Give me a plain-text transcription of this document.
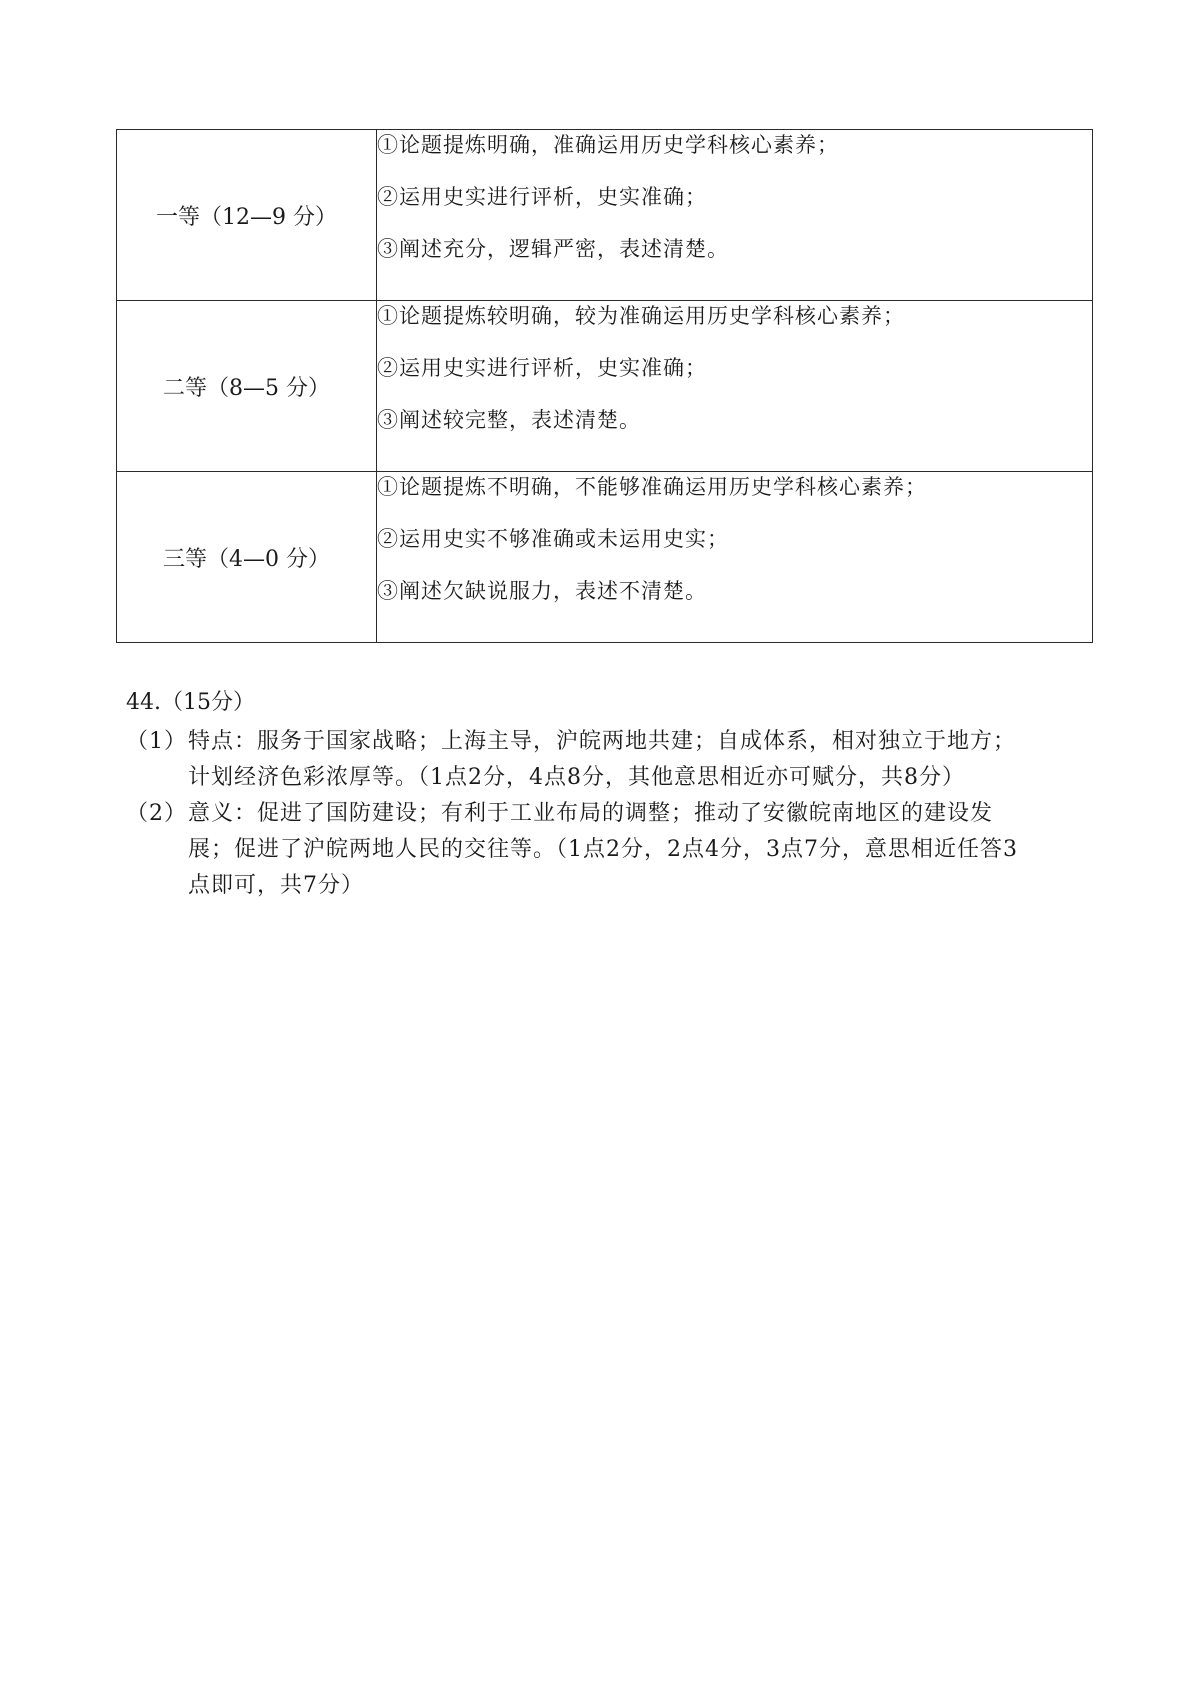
一等（12—9 分）	①论题提炼明确，准确运用历史学科核心素养；
②运用史实进行评析，史实准确；
③阐述充分，逻辑严密，表述清楚。

二等（8—5 分）	①论题提炼较明确，较为准确运用历史学科核心素养；
②运用史实进行评析，史实准确；
③阐述较完整，表述清楚。

三等（4—0 分）	①论题提炼不明确，不能够准确运用历史学科核心素养；
②运用史实不够准确或未运用史实；
③阐述欠缺说服力，表述不清楚。
44.（15分）
（1） 特点：服务于国家战略；上海主导，沪皖两地共建；自成体系，相对独立于地方；
计划经济色彩浓厚等。（1点2分，4点8分，其他意思相近亦可赋分，共8分）
（2） 意义：促进了国防建设；有利于工业布局的调整；推动了安徽皖南地区的建设发
展；促进了沪皖两地人民的交往等。（1点2分，2点4分，3点7分，意思相近任答3
点即可，共7分）
